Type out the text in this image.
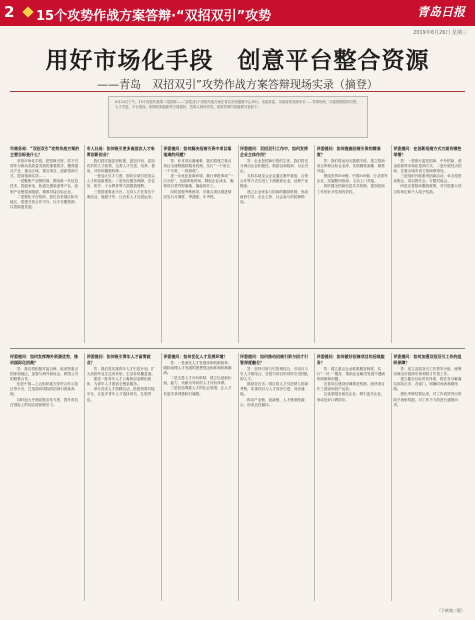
2	15个攻势作战方案答辩·“双招双引”攻势	青岛日报
2019年6月26日 星期三
用好市场化手段　创意平台整合资源
——青岛　双招双引”攻势作战方案答辩现场实录（摘登）
6月25日下午，15个攻势作战第二组答辩——“双招双引”攻势作战方案在青岛市民健康中心举行。市委常委、市政府常务副市长……答辩现场，评委围绕招商引资、人才引进、平台建设、体制机制创新等方面提问，答辩人现场作答。现将答辩内容摘要刊登如下。

市商务局：“双招双引”攻势作战方案的主要目标是什么？

坚持市场化手段，把招商引资、招才引智作为推动高质量发展的重要抓手，聚焦重点产业、重点区域、重点项目，创新招商方式，提高招商实效……

一是聚焦产业链招商，围绕新一代信息技术、智能家电、轨道交通装备等产业，绘制产业链招商图谱，精准对接目标企业。

二是强化平台招商，依托各类园区和功能区，搭建开放合作平台，以平台聚资源、以资源促发展。

市人社局：如何吸引更多高层次人才来青创新创业？

我们将实施更加积极、更加开放、更加有效的人才政策，完善人才引进、培养、使用、评价和激励机制……

一是加大引才力度，面向全球引进顶尖人才和创新团队；二是优化服务保障，在住房、医疗、子女教育等方面提供便利。

三是搭建事业平台，支持人才在青岛干事创业、施展才华，让各类人才近悦远来。

评委提问：如何解决招商引资中项目落地难的问题？

答：针对项目落地难，我们将建立重点项目全流程跟踪服务机制，实行“一个项目、一个专班、一抓到底”。

进一步优化营商环境，推行审批事项“一次办好”，压缩审批时间，降低企业成本，确保项目签约即落地、落地即开工。

同时加强考核督导，对重点项目推进情况实行月调度、季通报、年考核。

评委提问：双招双引工作中，如何发挥企业主体作用？

答：企业是招商引资的主体，我们将充分调动企业积极性，鼓励以商招商、以企引企。

支持本地龙头企业通过兼并重组、合资合作等方式引进上下游配套企业，延伸产业链条。

建立企业家参与招商的激励机制，形成政府引导、企业主体、社会参与的招商格局。

评委提问：如何提高招商引资的精准度？

答：我们将运用大数据手段，建立招商项目库和目标企业库，实现精准画像、精准对接。

围绕世界500强、中国500强、行业领军企业，实施靶向招商，主动上门对接。

同时健全招商信息共享机制，提高招商工作的针对性和有效性。

评委提问：在创新招商方式方面有哪些举措？

答：一是推行委托招商、中介招商、基金招商等市场化招商方式；二是开展驻点招商，在重点城市设立招商联络处。

三是组织开展系列招商活动，举办投资说明会、项目推介会、专题对接会。

四是完善招商激励政策，对引进重大项目的单位和个人给予奖励。

评委提问：如何发挥海外资源优势，推动国际化招商？

答：我们将积极对接日韩、欧美等重点国家和地区，加强与海外商协会、跨国公司的联系合作。

依托中国—上合组织地方经贸合作示范区等平台，打造面向国际的招商引资新高地。

同时加大外资政策宣传力度，提升青岛在国际上的知名度和吸引力。

评委提问：如何吸引青年人才留青就业？

答：我们将实施青年人才引进计划，扩大高校毕业生住房补贴、生活补贴覆盖面。

建设一批青年人才公寓和创业孵化载体，为青年人才提供全链条服务。

举办各类人才招聘活动，搭建供需对接平台，让更多青年人才选择青岛、扎根青岛。

评委提问：如何优化人才发展环境？

答：一是深化人才发展体制机制改革，破除束缚人才发展的思想观念和体制机制障碍。

二是完善人才评价机制，建立以创新价值、能力、贡献为导向的人才评价体系。

三是营造尊重人才的社会氛围，让人才有更多获得感和归属感。

评委提问：如何推动招商引资与招才引智深度融合？

答：坚持引资与引智相结合、引项目与引人才相结合，在招引项目的同时引进团队和人才。

鼓励各区市、园区将人才引进纳入招商考核，实现项目与人才同步引进、同步落地。

推动产业链、创新链、人才链深度融合，形成良性循环。

评委提问：如何做好招商项目的后续服务？

答：建立重点企业联系服务制度，实行“一对一”服务，帮助企业解决发展中遇到的困难和问题。

完善项目建设协调推进机制，加快项目开工建设和投产达效。

以优质服务留住企业、吸引更多企业，形成良好口碑效应。

评委提问：如何加强双招双引工作的组织保障？

答：成立双招双引工作领导小组，统筹协调全市招商引资和招才引智工作。

建立健全目标责任体系，将任务分解落实到各区市、各部门，明确时间表和路线图。

强化考核结果运用，对工作成效突出的给予表彰奖励，对工作不力的进行通报问责。

（下转第三版）
